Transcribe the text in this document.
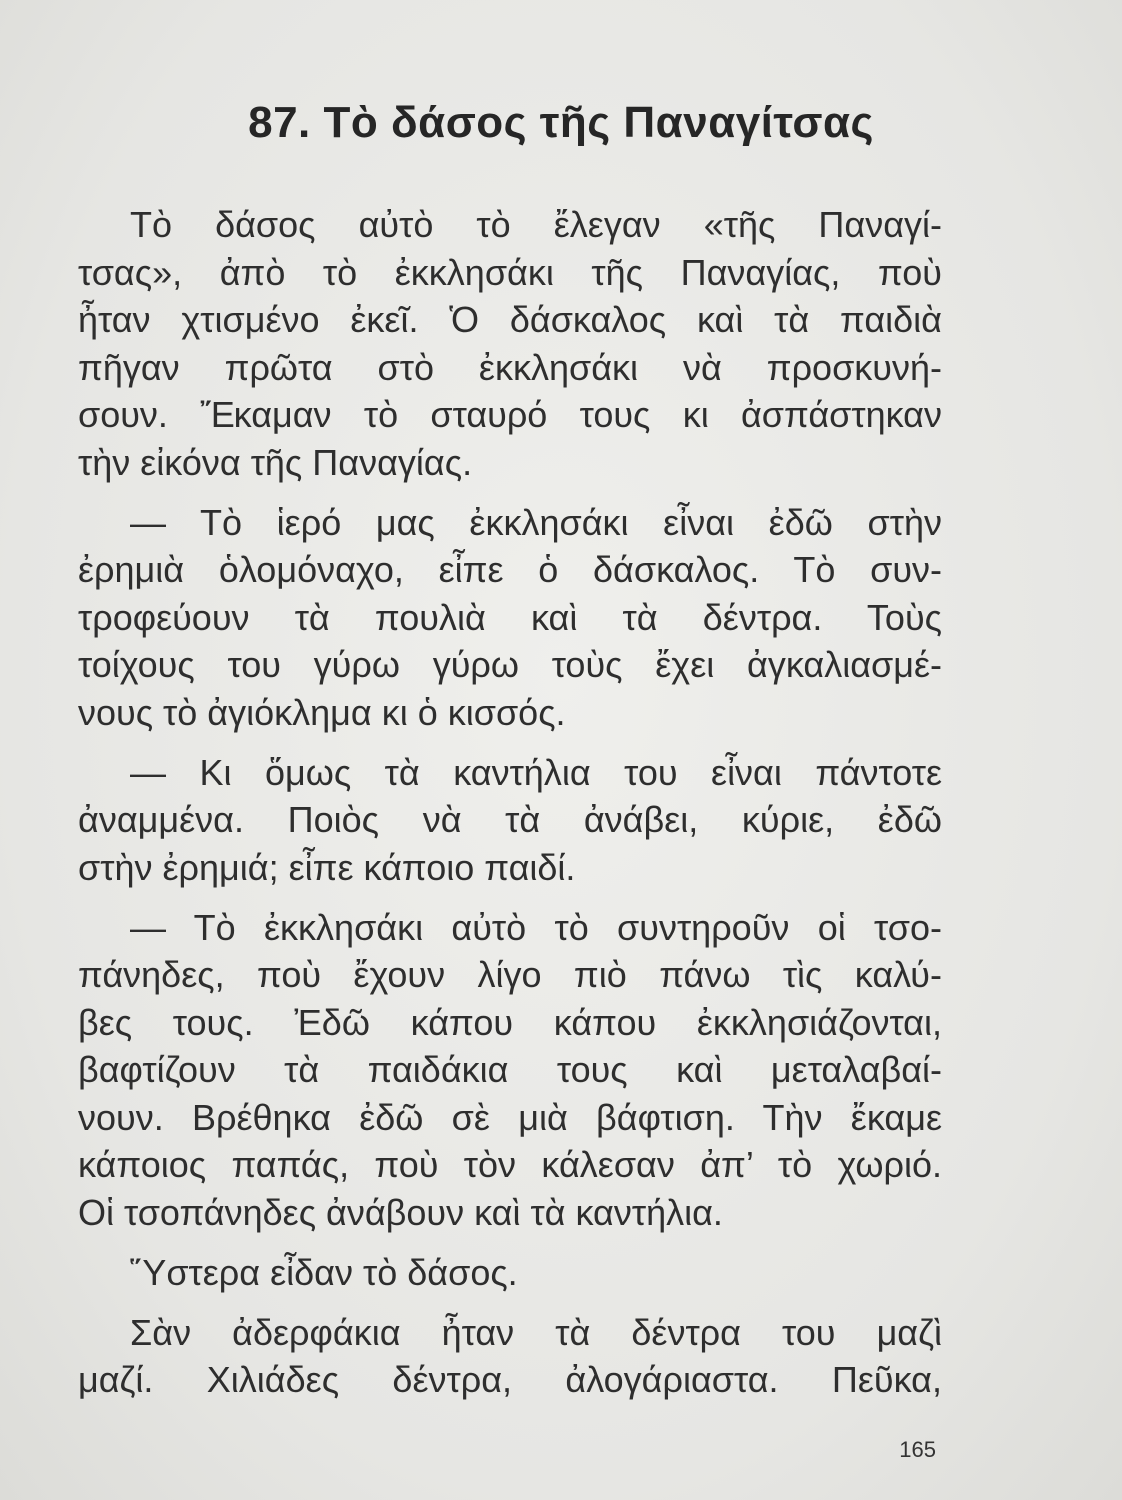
87. Τὸ δάσος τῆς Παναγίτσας
Τὸ δάσος αὐτὸ τὸ ἔλεγαν «τῆς Παναγί-
τσας», ἀπὸ τὸ ἐκκλησάκι τῆς Παναγίας, ποὺ
ἦταν χτισμένο ἐκεῖ. Ὁ δάσκαλος καὶ τὰ παιδιὰ
πῆγαν πρῶτα στὸ ἐκκλησάκι νὰ προσκυνή-
σουν. Ἔκαμαν τὸ σταυρό τους κι ἀσπάστηκαν
τὴν εἰκόνα τῆς Παναγίας.
— Τὸ ἱερό μας ἐκκλησάκι εἶναι ἐδῶ στὴν
ἐρημιὰ ὁλομόναχο, εἶπε ὁ δάσκαλος. Τὸ συν-
τροφεύουν τὰ πουλιὰ καὶ τὰ δέντρα. Τοὺς
τοίχους του γύρω γύρω τοὺς ἔχει ἀγκαλιασμέ-
νους τὸ ἀγιόκλημα κι ὁ κισσός.
— Κι ὅμως τὰ καντήλια του εἶναι πάντοτε
ἀναμμένα. Ποιὸς νὰ τὰ ἀνάβει, κύριε, ἐδῶ
στὴν ἐρημιά; εἶπε κάποιο παιδί.
— Τὸ ἐκκλησάκι αὐτὸ τὸ συντηροῦν οἱ τσο-
πάνηδες, ποὺ ἔχουν λίγο πιὸ πάνω τὶς καλύ-
βες τους. Ἐδῶ κάπου κάπου ἐκκλησιάζονται,
βαφτίζουν τὰ παιδάκια τους καὶ μεταλαβαί-
νουν. Βρέθηκα ἐδῶ σὲ μιὰ βάφτιση. Τὴν ἔκαμε
κάποιος παπάς, ποὺ τὸν κάλεσαν ἀπ’ τὸ χωριό.
Οἱ τσοπάνηδες ἀνάβουν καὶ τὰ καντήλια.
Ὕστερα εἶδαν τὸ δάσος.
Σὰν ἀδερφάκια ἦταν τὰ δέντρα του μαζὶ
μαζί. Χιλιάδες δέντρα, ἀλογάριαστα. Πεῦκα,
165
